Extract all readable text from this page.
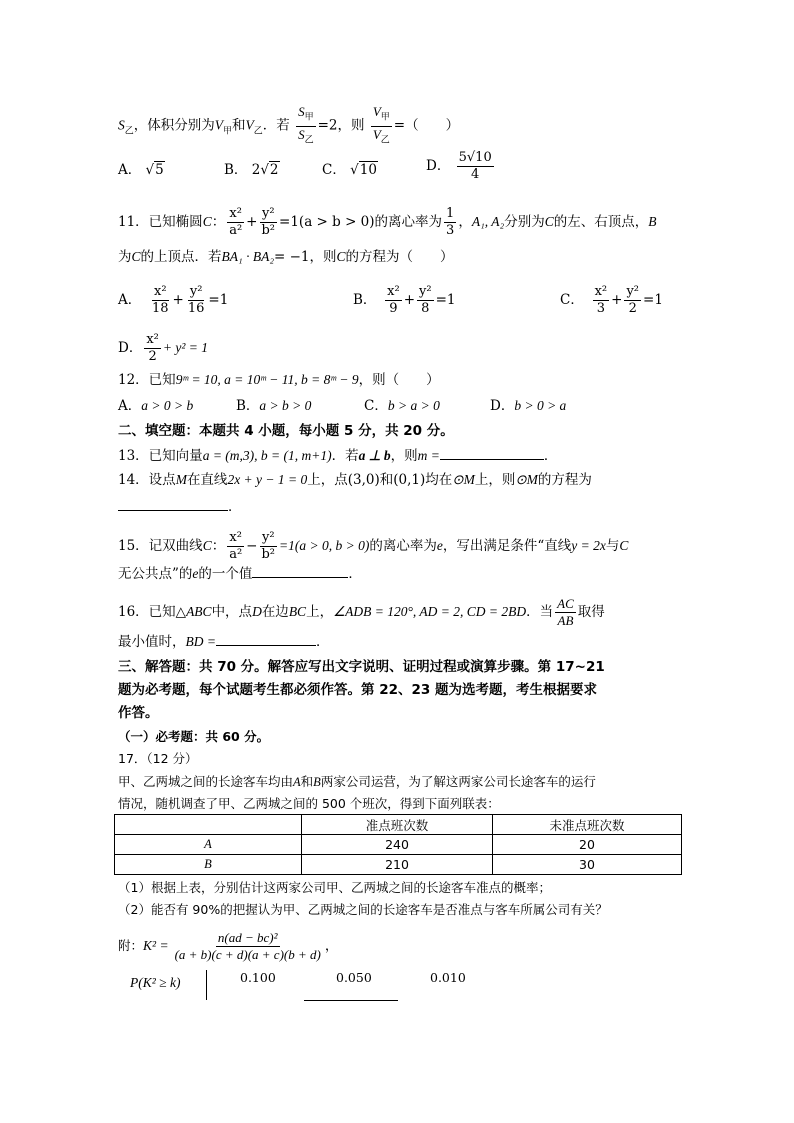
$S_乙$，体积分别为$V_甲$和$V_乙$．若 $\frac{S_甲}{S_乙} =2$，则 $\frac{V_甲}{V_乙}$ =（　　）
A． √5	B． 2√2	C． √10	D． $\frac{5√10}{4}$
11．已知椭圆C： $\frac{\text{x²}}{\text{a²}} + \frac{\text{y²}}{\text{b²}} =1(a > b > 0)$的离心率为 $\frac{1}{3}$ ，A₁, A₂分别为C的左、右顶点，B
为C的上顶点．若BA₁ · BA₂= −1，则C的方程为（　　）
A．　 $\frac{\text{x²}}{18} + \frac{\text{y²}}{16} =1$	B．　 $\frac{\text{x²}}{9} + \frac{\text{y²}}{8} =1$	C．　 $\frac{\text{x²}}{3} + \frac{\text{y²}}{2} =1$
D． $\frac{\text{x²}}{2} + y^2 = 1$
12．已知9ᵐ = 10, a = 10ᵐ − 11, b = 8ᵐ − 9，则（　　）
A．a > 0 > b	B．a > b > 0	C．b > a > 0	D．b > 0 > a
二、填空题：本题共 4 小题，每小题 5 分，共 20 分。
13．已知向量a = (m,3), b = (1, m+1)．若a ⊥ b，则m =	．
14．设点M在直线2x + y − 1 = 0上，点(3,0)和(0,1)均在⊙M上，则⊙M的方程为
．
15．记双曲线C： $\frac{\text{x²}}{\text{a²}} - \frac{\text{y²}}{\text{b²}} =1(a > 0$, b > 0)的离心率为e，写出满足条件“直线y = 2x与C
无公共点”的e的一个值	．
16．已知△ABC中，点D在边BC上，∠ADB = 120°, AD = 2, CD = 2BD．当 $\frac{AC}{AB}$ 取得
最小值时，BD =	．
三、解答题：共 70 分。解答应写出文字说明、证明过程或演算步骤。第 17~21
题为必考题，每个试题考生都必须作答。第 22、23 题为选考题，考生根据要求
作答。
（一）必考题：共 60 分。
17．（12 分）
甲、乙两城之间的长途客车均由A和B两家公司运营，为了解这两家公司长途客车的运行
情况，随机调查了甲、乙两城之间的 500 个班次，得到下面列联表：
	准点班次数	未准点班次数
A	240	20
B	210	30
（1）根据上表，分别估计这两家公司甲、乙两城之间的长途客车准点的概率；
（2）能否有 90%的把握认为甲、乙两城之间的长途客车是否准点与客车所属公司有关？
附：$K^2 = \frac{\text{n(ad − bc)²}}{(a + b)(c + d)(a + c)(b + d)}$ ，
P(K² ≥ k)	0.100	0.050	0.010
